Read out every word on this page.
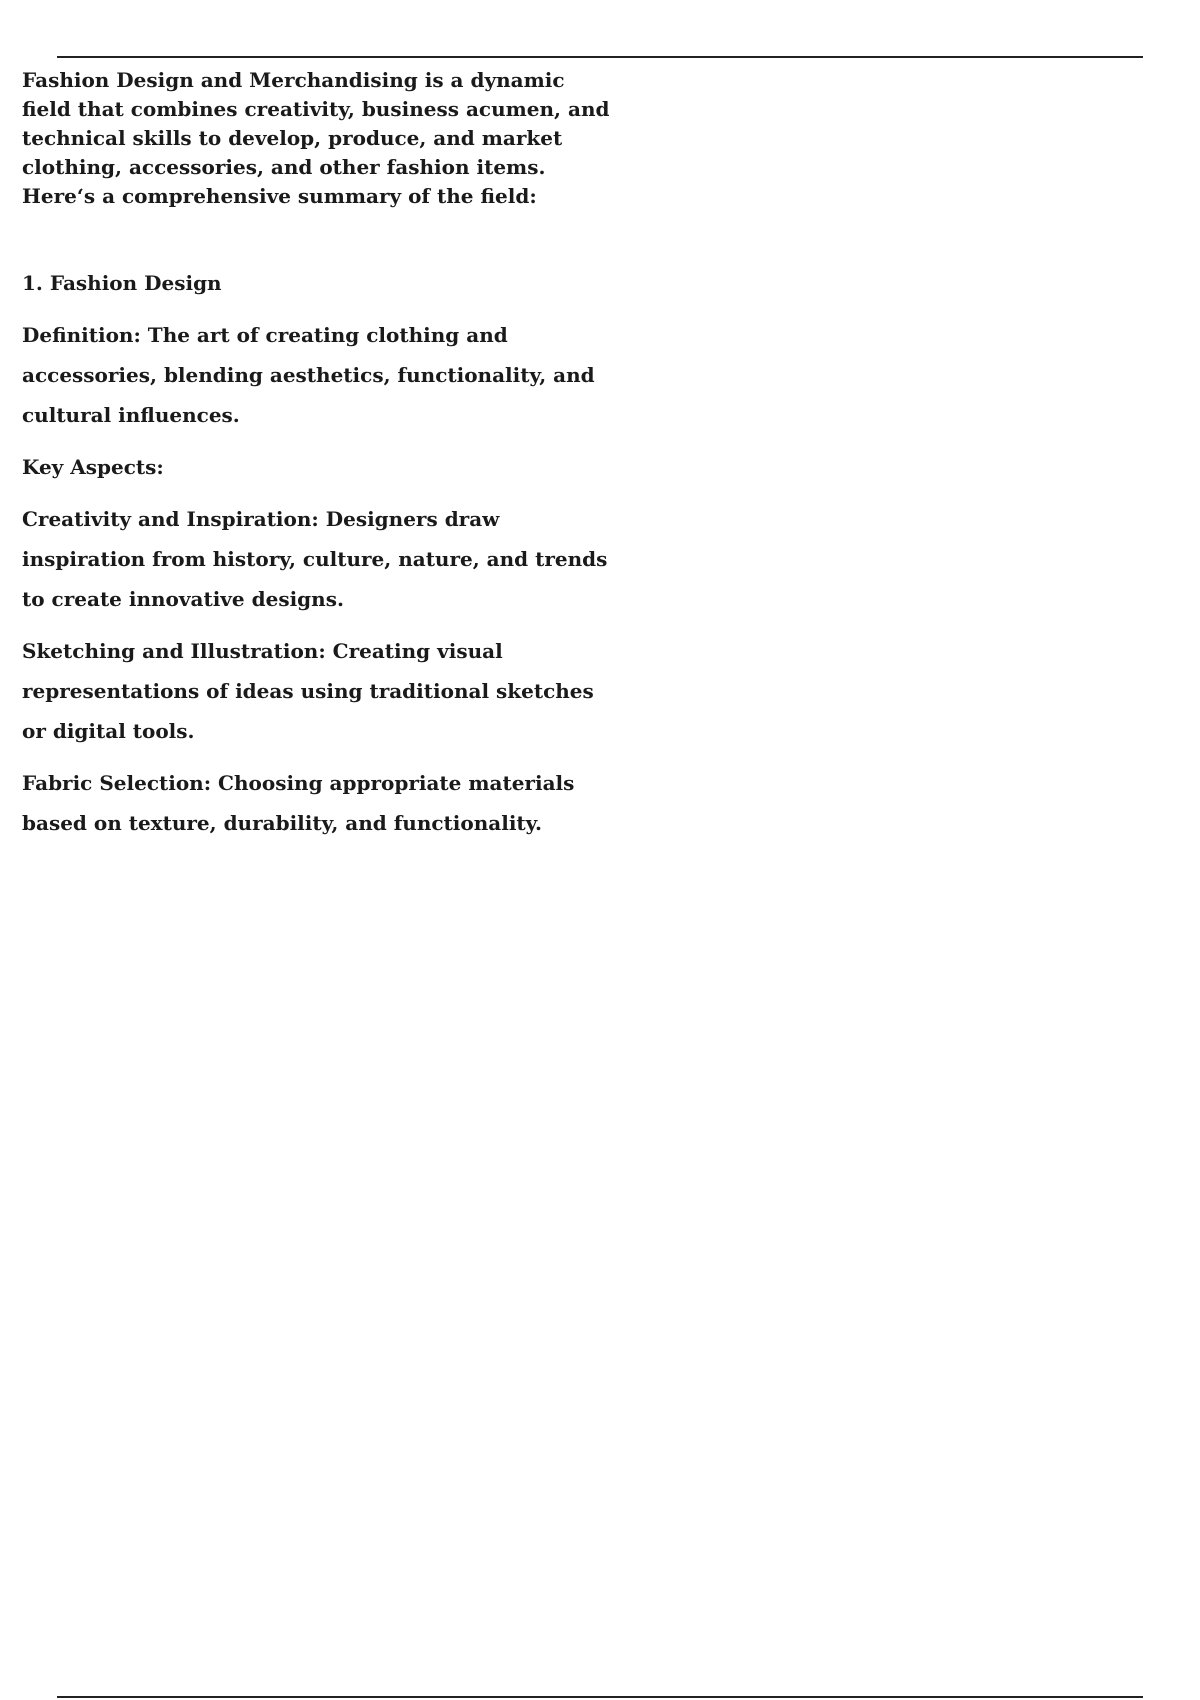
Fashion Design and Merchandising is a dynamic field that combines creativity, business acumen, and technical skills to develop, produce, and market clothing, accessories, and other fashion items. Here‘s a comprehensive summary of the field:

1. Fashion Design

Definition: The art of creating clothing and accessories, blending aesthetics, functionality, and cultural influences.

Key Aspects:

Creativity and Inspiration: Designers draw inspiration from history, culture, nature, and trends to create innovative designs.

Sketching and Illustration: Creating visual representations of ideas using traditional sketches or digital tools.

Fabric Selection: Choosing appropriate materials based on texture, durability, and functionality.
